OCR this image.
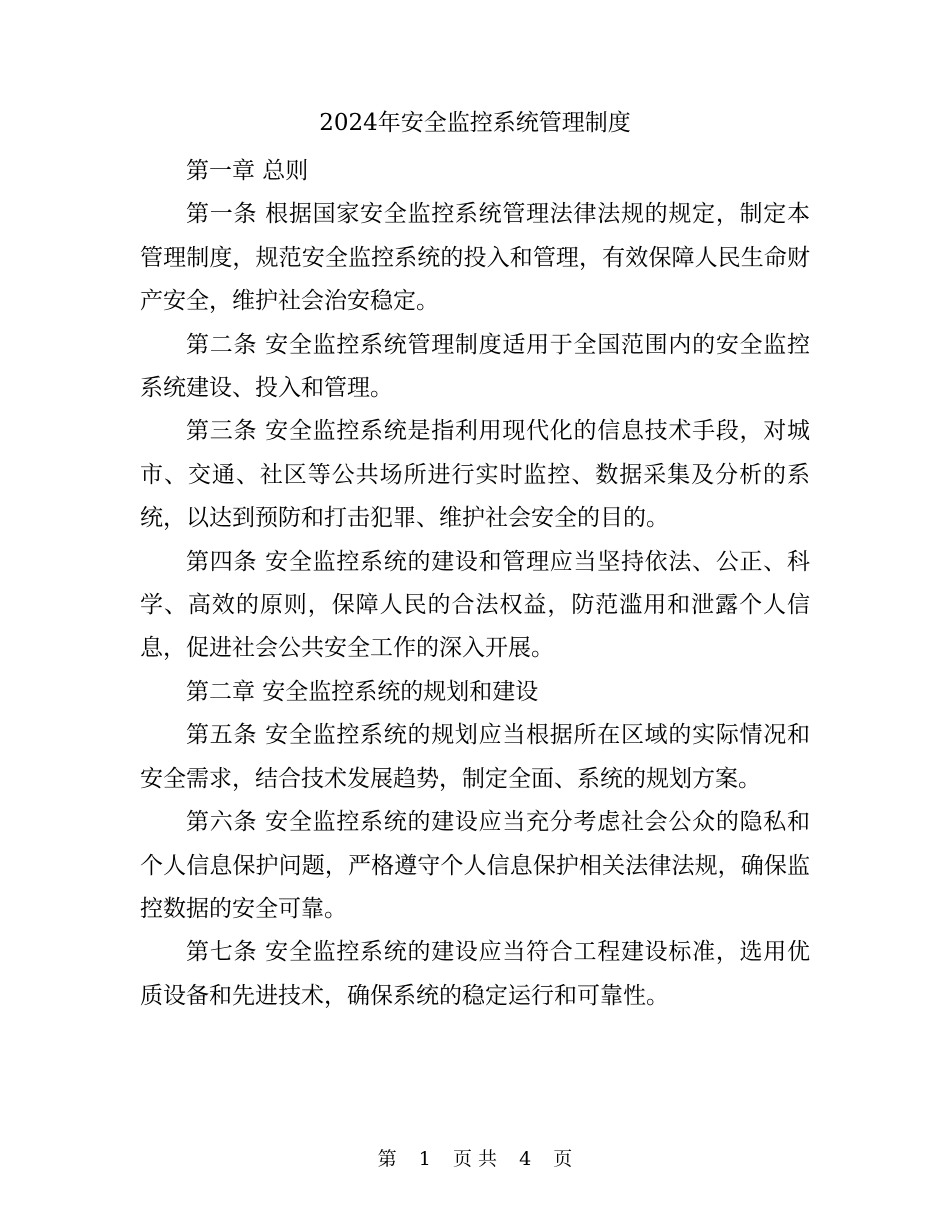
2024年安全监控系统管理制度

第一章 总则

第一条 根据国家安全监控系统管理法律法规的规定，制定本管理制度，规范安全监控系统的投入和管理，有效保障人民生命财产安全，维护社会治安稳定。

第二条 安全监控系统管理制度适用于全国范围内的安全监控系统建设、投入和管理。

第三条 安全监控系统是指利用现代化的信息技术手段，对城市、交通、社区等公共场所进行实时监控、数据采集及分析的系统，以达到预防和打击犯罪、维护社会安全的目的。

第四条 安全监控系统的建设和管理应当坚持依法、公正、科学、高效的原则，保障人民的合法权益，防范滥用和泄露个人信息，促进社会公共安全工作的深入开展。

第二章 安全监控系统的规划和建设

第五条 安全监控系统的规划应当根据所在区域的实际情况和安全需求，结合技术发展趋势，制定全面、系统的规划方案。

第六条 安全监控系统的建设应当充分考虑社会公众的隐私和个人信息保护问题，严格遵守个人信息保护相关法律法规，确保监控数据的安全可靠。

第七条 安全监控系统的建设应当符合工程建设标准，选用优质设备和先进技术，确保系统的稳定运行和可靠性。

第 1 页 共 4 页
